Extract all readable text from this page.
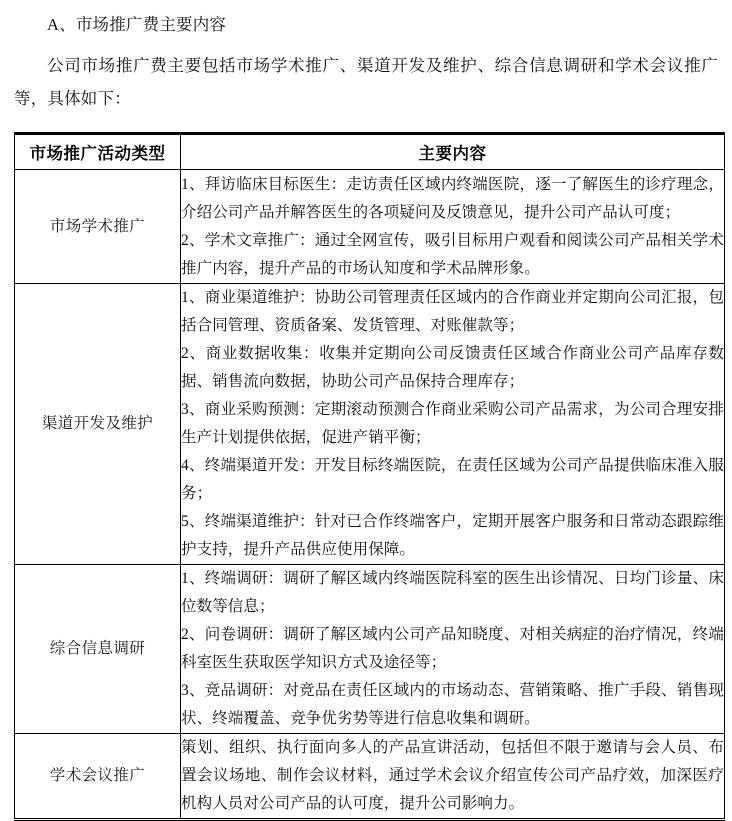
A、市场推广费主要内容
公司市场推广费主要包括市场学术推广、渠道开发及维护、综合信息调研和学术会议推广等，具体如下：
市场推广活动类型	主要内容
市场学术推广	1、拜访临床目标医生：走访责任区域内终端医院，逐一了解医生的诊疗理念，介绍公司产品并解答医生的各项疑问及反馈意见，提升公司产品认可度；

2、学术文章推广：通过全网宣传，吸引目标用户观看和阅读公司产品相关学术推广内容，提升产品的市场认知度和学术品牌形象。

渠道开发及维护	1、商业渠道维护：协助公司管理责任区域内的合作商业并定期向公司汇报，包括合同管理、资质备案、发货管理、对账催款等；

2、商业数据收集：收集并定期向公司反馈责任区域合作商业公司产品库存数据、销售流向数据，协助公司产品保持合理库存；

3、商业采购预测：定期滚动预测合作商业采购公司产品需求，为公司合理安排生产计划提供依据，促进产销平衡；

4、终端渠道开发：开发目标终端医院，在责任区域为公司产品提供临床准入服务；

5、终端渠道维护：针对已合作终端客户，定期开展客户服务和日常动态跟踪维护支持，提升产品供应使用保障。

综合信息调研	1、终端调研：调研了解区域内终端医院科室的医生出诊情况、日均门诊量、床位数等信息；

2、问卷调研：调研了解区域内公司产品知晓度、对相关病症的治疗情况，终端科室医生获取医学知识方式及途径等；

3、竞品调研：对竞品在责任区域内的市场动态、营销策略、推广手段、销售现状、终端覆盖、竞争优劣势等进行信息收集和调研。

学术会议推广	策划、组织、执行面向多人的产品宣讲活动，包括但不限于邀请与会人员、布置会议场地、制作会议材料，通过学术会议介绍宣传公司产品疗效，加深医疗机构人员对公司产品的认可度，提升公司影响力。
